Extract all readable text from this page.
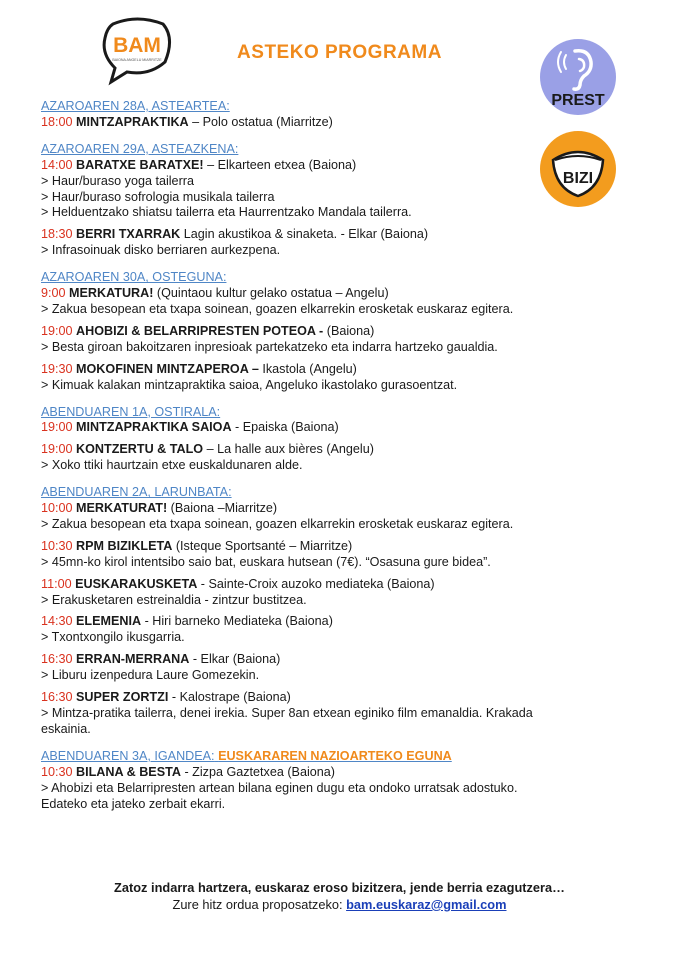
BAM
BAIONA ANGELU MIARRITZE	ASTEKO PROGRAMA
PREST
BIZI
AZAROAREN 28A, ASTEARTEA:
18:00 MINTZAPRAKTIKA – Polo ostatua (Miarritze)
AZAROAREN 29A, ASTEAZKENA:
14:00 BARATXE BARATXE! – Elkarteen etxea (Baiona)
> Haur/buraso yoga tailerra
> Haur/buraso sofrologia musikala tailerra
> Helduentzako shiatsu tailerra eta Haurrentzako Mandala tailerra.
18:30 BERRI TXARRAK Lagin akustikoa & sinaketa. - Elkar (Baiona)
> Infrasoinuak disko berriaren aurkezpena.
AZAROAREN 30A, OSTEGUNA:
9:00 MERKATURA! (Quintaou kultur gelako ostatua – Angelu)
> Zakua besopean eta txapa soinean, goazen elkarrekin erosketak euskaraz egitera.
19:00 AHOBIZI & BELARRIPRESTEN POTEOA - (Baiona)
> Besta giroan bakoitzaren inpresioak partekatzeko eta indarra hartzeko gaualdia.
19:30 MOKOFINEN MINTZAPEROA – Ikastola (Angelu)
> Kimuak kalakan mintzapraktika saioa, Angeluko ikastolako gurasoentzat.
ABENDUAREN 1A, OSTIRALA:
19:00 MINTZAPRAKTIKA SAIOA - Epaiska (Baiona)
19:00 KONTZERTU & TALO – La halle aux bières (Angelu)
> Xoko ttiki haurtzain etxe euskaldunaren alde.
ABENDUAREN 2A, LARUNBATA:
10:00 MERKATURAT! (Baiona –Miarritze)
> Zakua besopean eta txapa soinean, goazen elkarrekin erosketak euskaraz egitera.
10:30 RPM BIZIKLETA (Isteque Sportsanté – Miarritze)
> 45mn-ko kirol intentsibo saio bat, euskara hutsean (7€). “Osasuna gure bidea”.
11:00 EUSKARAKUSKETA - Sainte-Croix auzoko mediateka (Baiona)
> Erakusketaren estreinaldia - zintzur bustitzea.
14:30 ELEMENIA - Hiri barneko Mediateka (Baiona)
> Txontxongilo ikusgarria.
16:30 ERRAN-MERRANA - Elkar (Baiona)
> Liburu izenpedura Laure Gomezekin.
16:30 SUPER ZORTZI - Kalostrape (Baiona)
> Mintza-pratika tailerra, denei irekia. Super 8an etxean eginiko film emanaldia. Krakada
eskainia.
ABENDUAREN 3A, IGANDEA: EUSKARAREN NAZIOARTEKO EGUNA
10:30 BILANA & BESTA - Zizpa Gaztetxea (Baiona)
> Ahobizi eta Belarripresten artean bilana eginen dugu eta ondoko urratsak adostuko.
Edateko eta jateko zerbait ekarri.
Zatoz indarra hartzera, euskaraz eroso bizitzera, jende berria ezagutzera…
Zure hitz ordua proposatzeko: bam.euskaraz@gmail.com
